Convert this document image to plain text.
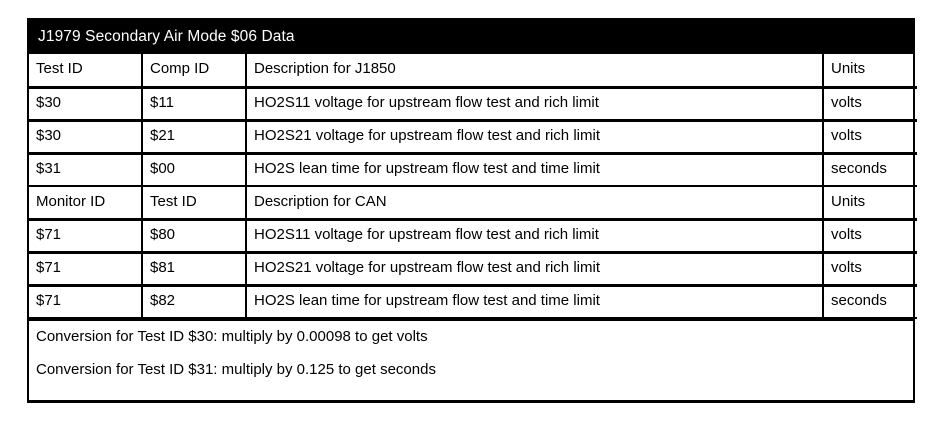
J1979 Secondary Air Mode $06 Data
Test ID	Comp ID	Description for J1850	Units
$30	$11	HO2S11 voltage for upstream flow test and rich limit	volts
$30	$21	HO2S21 voltage for upstream flow test and rich limit	volts
$31	$00	HO2S lean time for upstream flow test and time limit	seconds
Monitor ID	Test ID	Description for CAN	Units
$71	$80	HO2S11 voltage for upstream flow test and rich limit	volts
$71	$81	HO2S21 voltage for upstream flow test and rich limit	volts
$71	$82	HO2S lean time for upstream flow test and time limit	seconds
Conversion for Test ID $30: multiply by 0.00098 to get volts
Conversion for Test ID $31: multiply by 0.125 to get seconds
